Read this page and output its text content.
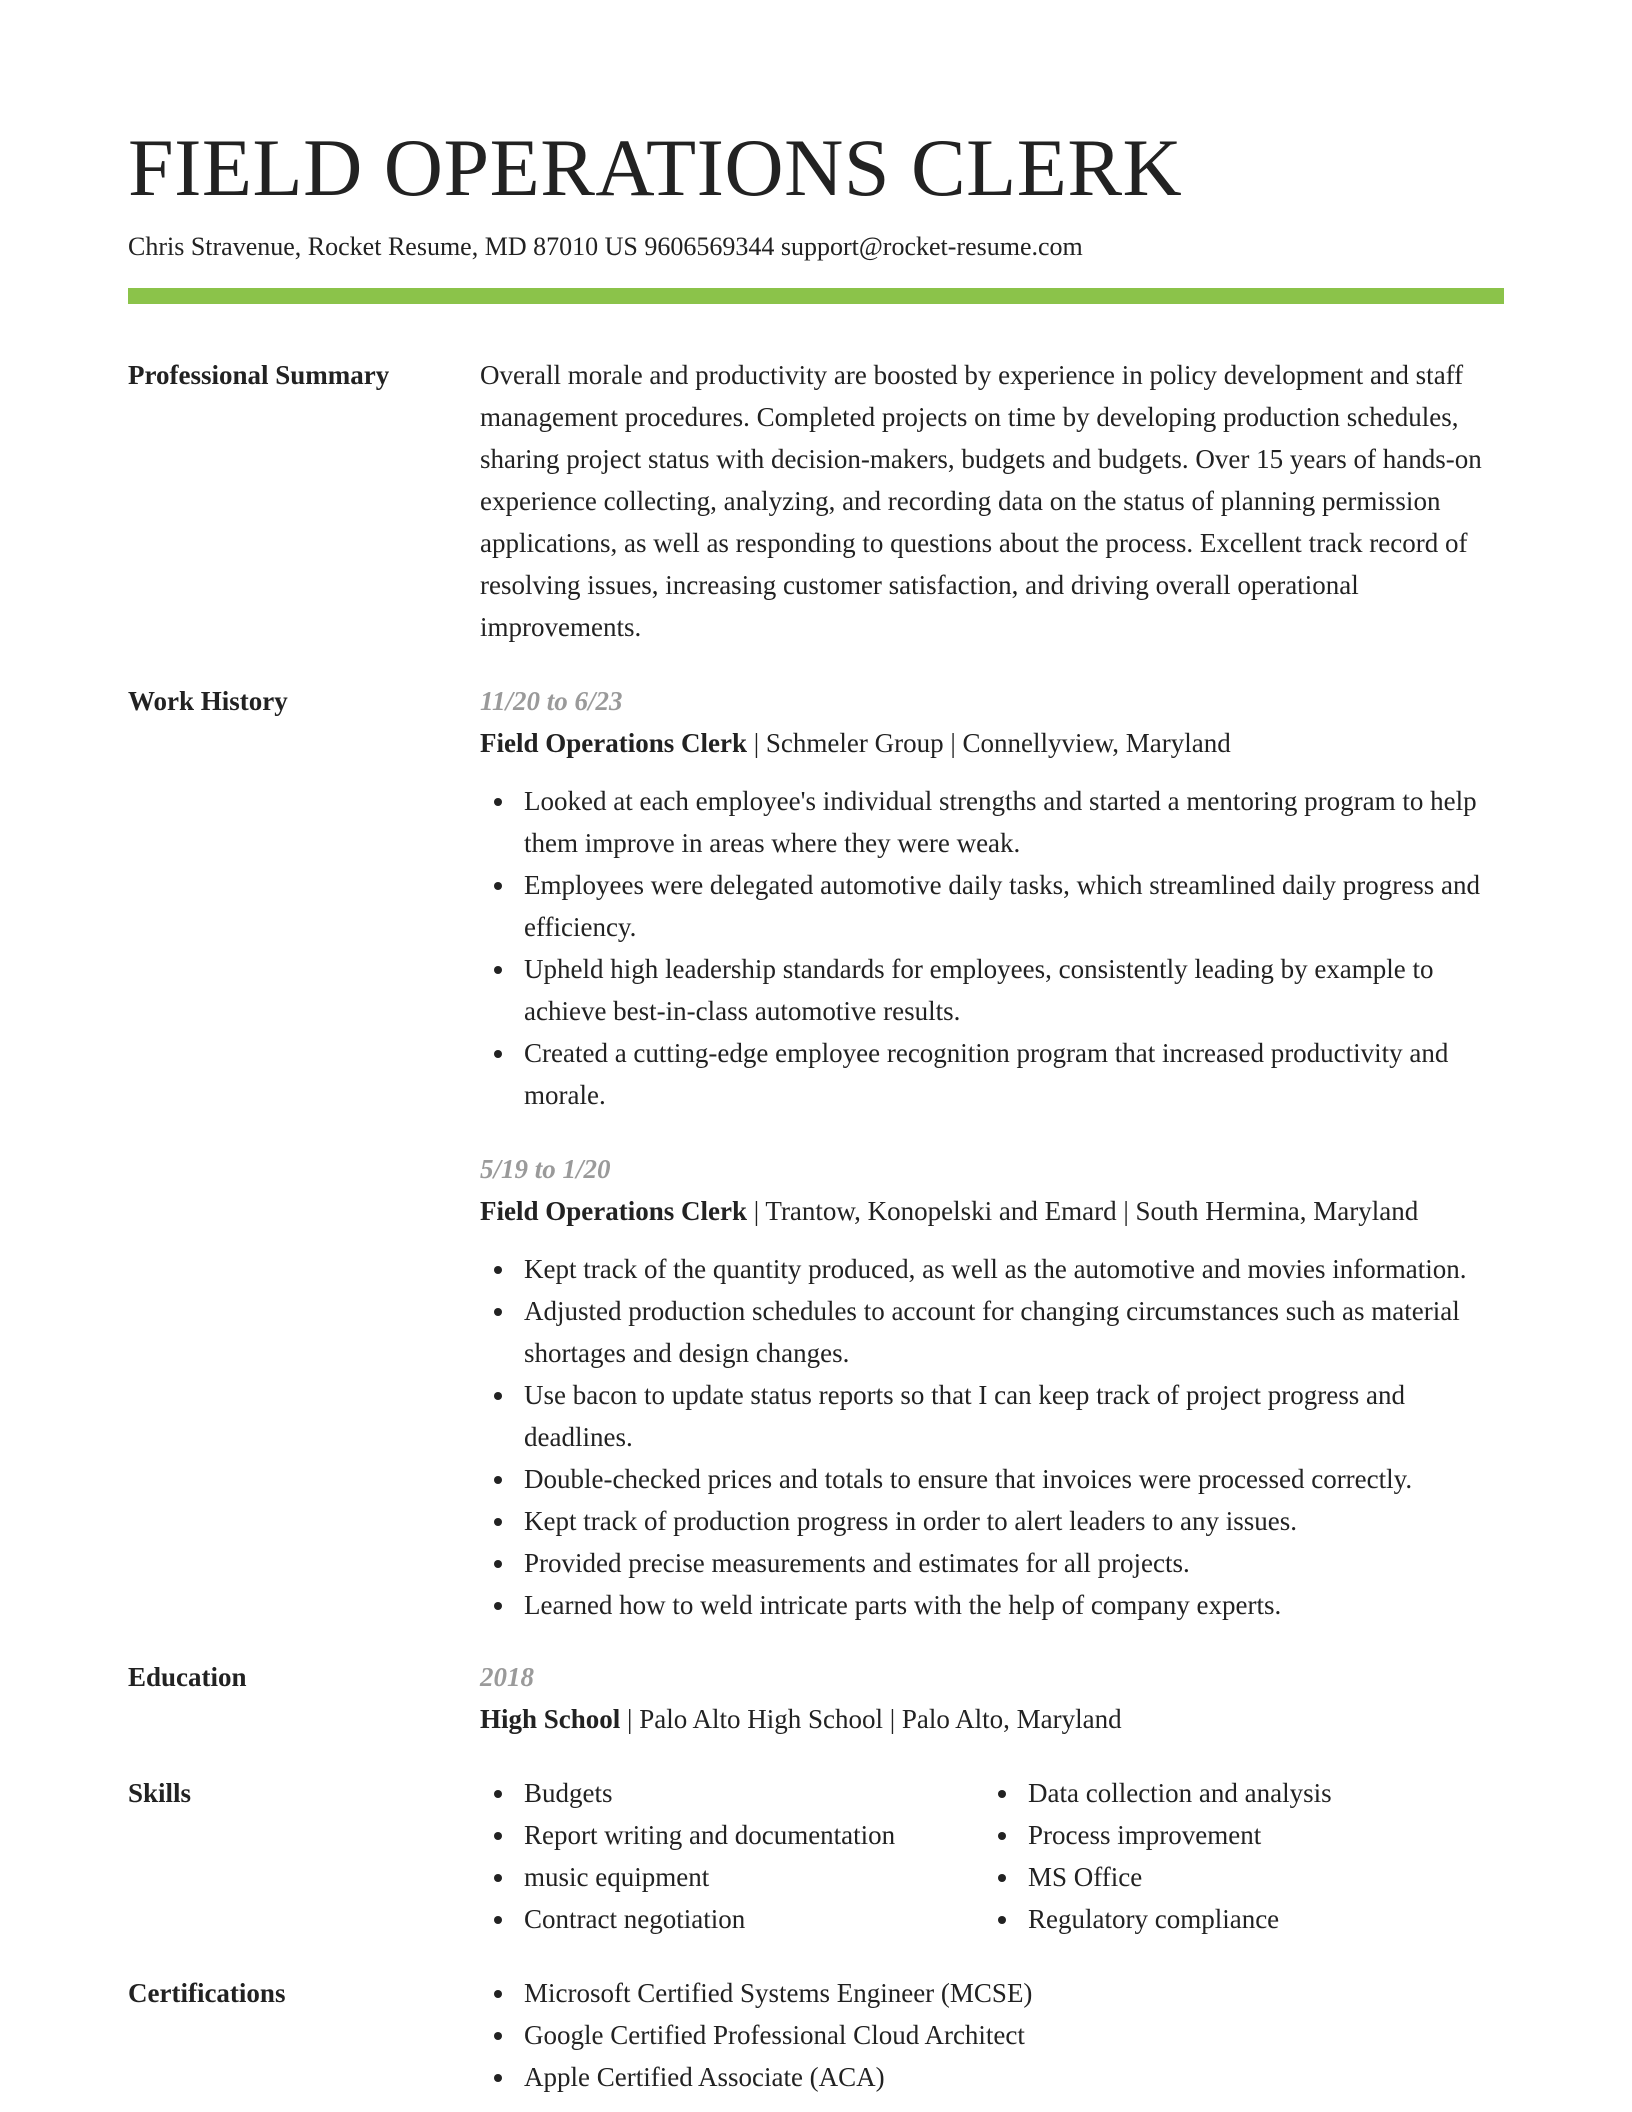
FIELD OPERATIONS CLERK
Chris Stravenue, Rocket Resume, MD 87010 US 9606569344 support@rocket-resume.com
Professional Summary	Overall morale and productivity are boosted by experience in policy development and staff management procedures. Completed projects on time by developing production schedules, sharing project status with decision-makers, budgets and budgets. Over 15 years of hands-on experience collecting, analyzing, and recording data on the status of planning permission applications, as well as responding to questions about the process. Excellent track record of resolving issues, increasing customer satisfaction, and driving overall operational improvements.
Work History	11/20 to 6/23
Field Operations Clerk | Schmeler Group | Connellyview, Maryland
Looked at each employee's individual strengths and started a mentoring program to help them improve in areas where they were weak.
Employees were delegated automotive daily tasks, which streamlined daily progress and efficiency.
Upheld high leadership standards for employees, consistently leading by example to achieve best-in-class automotive results.
Created a cutting-edge employee recognition program that increased productivity and morale.
5/19 to 1/20
Field Operations Clerk | Trantow, Konopelski and Emard | South Hermina, Maryland
Kept track of the quantity produced, as well as the automotive and movies information.
Adjusted production schedules to account for changing circumstances such as material shortages and design changes.
Use bacon to update status reports so that I can keep track of project progress and deadlines.
Double-checked prices and totals to ensure that invoices were processed correctly.
Kept track of production progress in order to alert leaders to any issues.
Provided precise measurements and estimates for all projects.
Learned how to weld intricate parts with the help of company experts.
Education	2018
High School | Palo Alto High School | Palo Alto, Maryland
Skills	Budgets
Report writing and documentation
music equipment
Contract negotiation
Data collection and analysis
Process improvement
MS Office
Regulatory compliance
Certifications	Microsoft Certified Systems Engineer (MCSE)
Google Certified Professional Cloud Architect
Apple Certified Associate (ACA)
